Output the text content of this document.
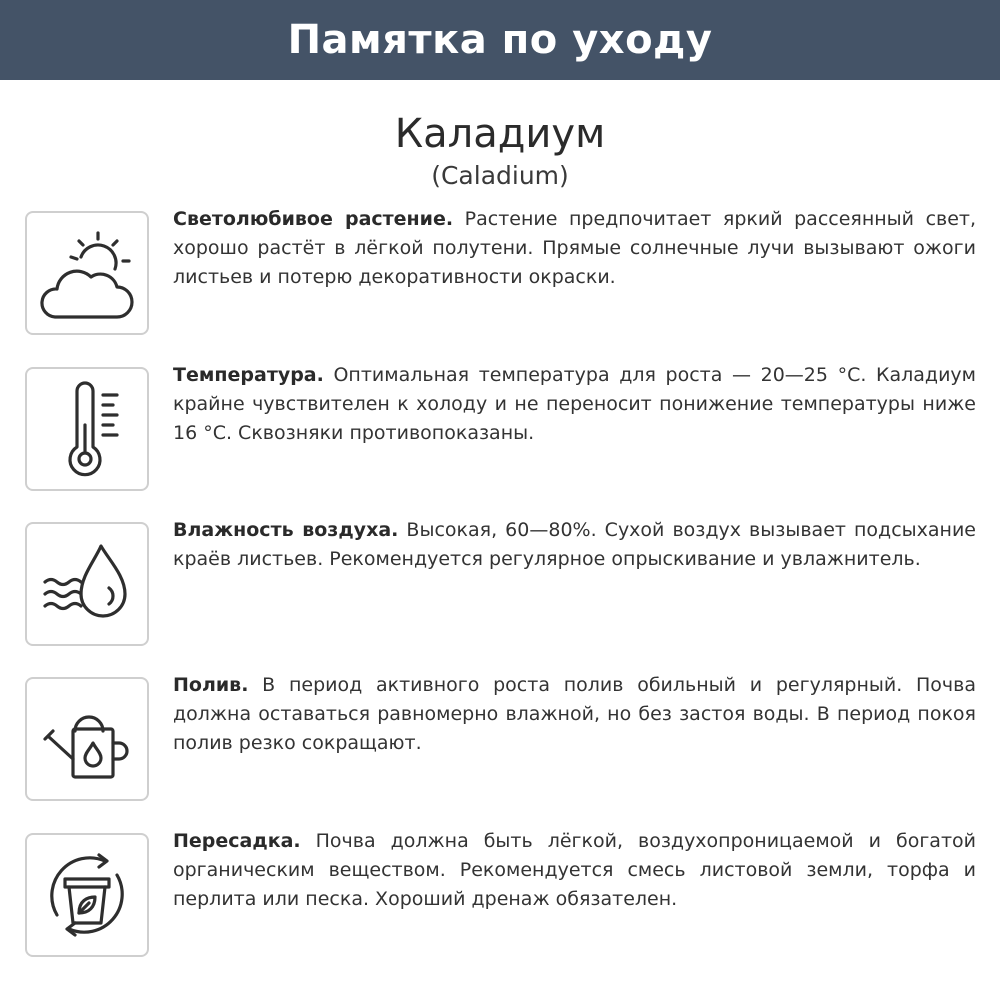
Памятка по уходу
Каладиум
(Caladium)
Светолюбивое растение. Растение предпочитает яркий рассеянный свет, хорошо растёт в лёгкой полутени. Прямые солнечные лучи вызывают ожоги листьев и потерю декоративности окраски.
Температура. Оптимальная температура для роста — 20—25 °C. Каладиум крайне чувствителен к холоду и не переносит понижение температуры ниже 16 °C. Сквозняки противопоказаны.
Влажность воздуха. Высокая, 60—80%. Сухой воздух вызывает подсыхание краёв листьев. Рекомендуется регулярное опрыскивание и увлажнитель.
Полив. В период активного роста полив обильный и регулярный. Почва должна оставаться равномерно влажной, но без застоя воды. В период покоя полив резко сокращают.
Пересадка. Почва должна быть лёгкой, воздухопроницаемой и богатой органическим веществом. Рекомендуется смесь листовой земли, торфа и перлита или песка. Хороший дренаж обязателен.
